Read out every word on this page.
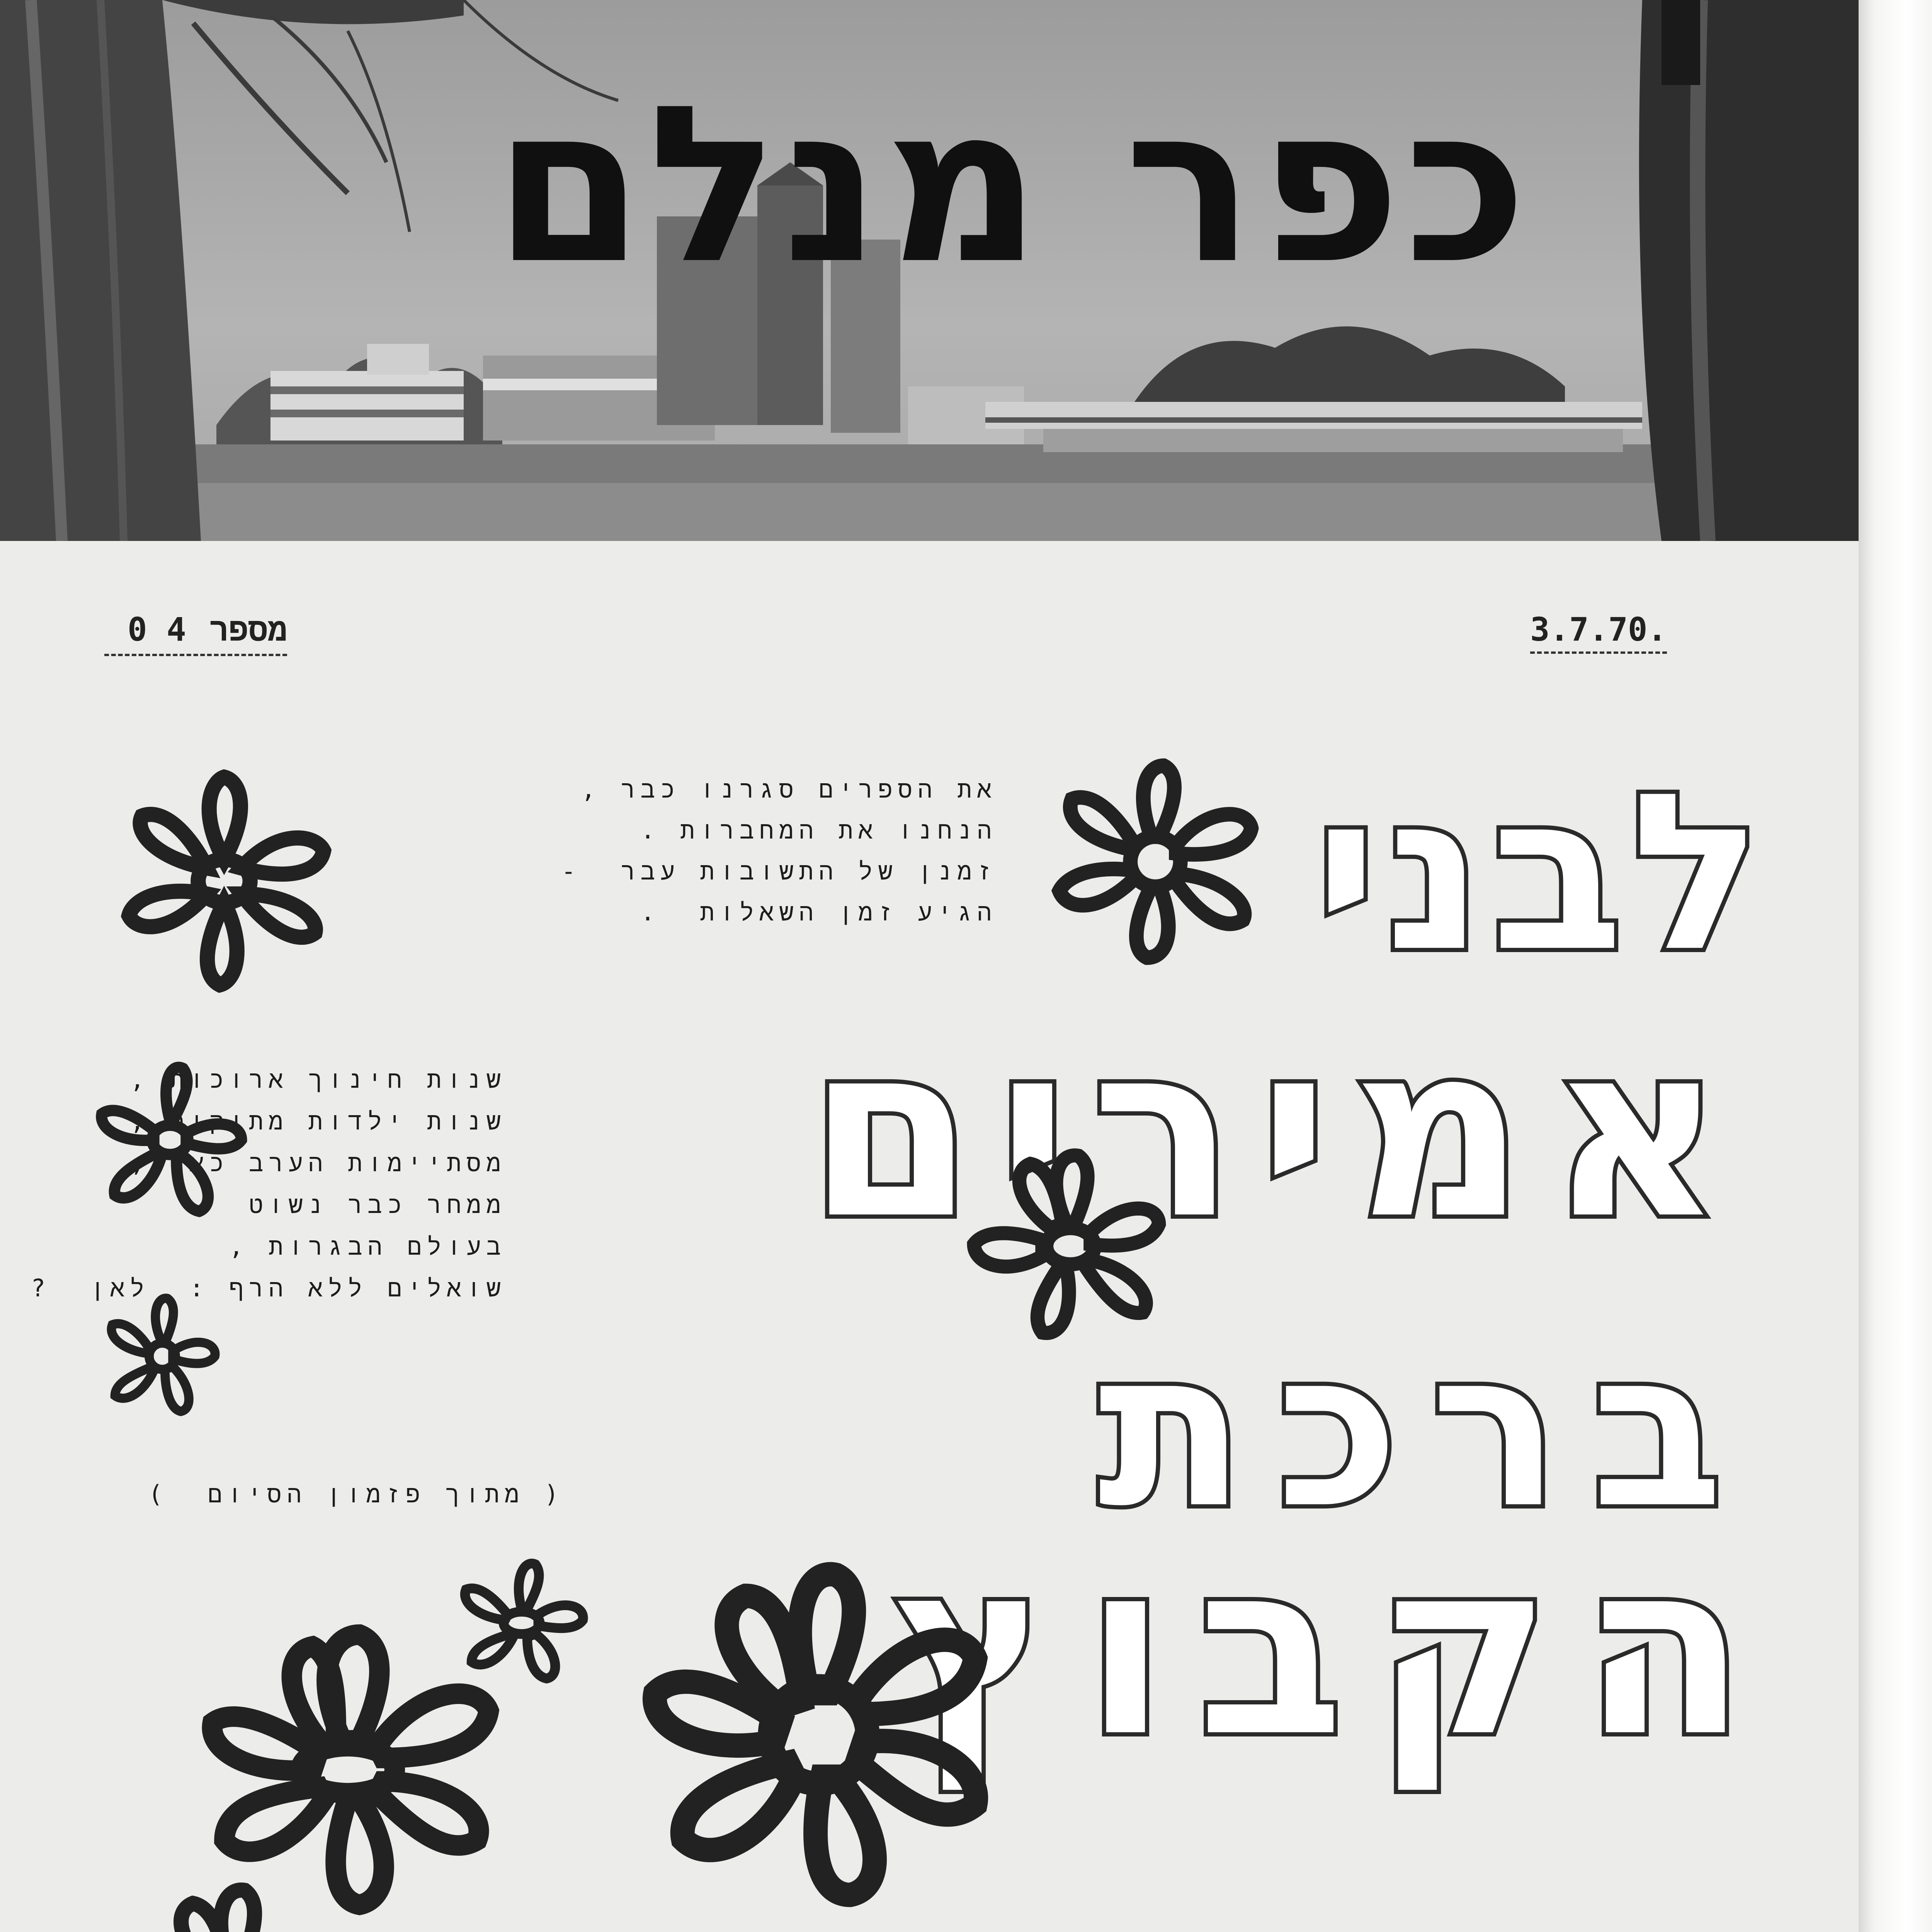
כפר מנלם
3.7.70.
מספר4 0
לבני
אמירים
ברכת
הקבוץ
את הספרים סגרנו כבר ,
הנחנו את המחברות .
זמנן של התשובות עבר  -
הגיע זמן השאלות  .
שנות חינוך ארוכות ,
שנות ילדות מתוקות ,
מסתיימות הערב כאן ;
ממחר כבר נשוט
בעולם הבגרות ,
שואלים ללא הרף :  לאן  ?
( מתוך פזמון הסיום  )
